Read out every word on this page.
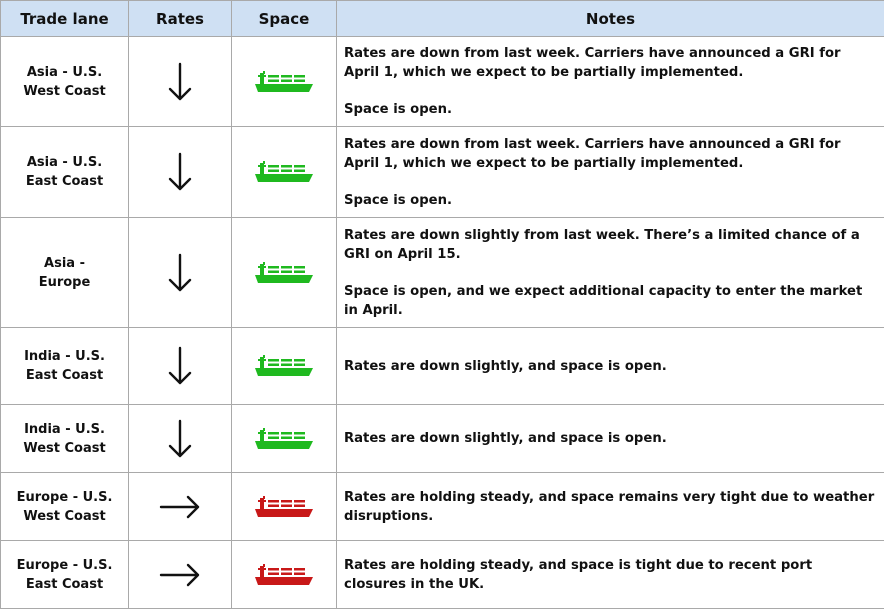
Trade lane	Rates	Space	Notes
Asia - U.S. West Coast			Rates are down from last week. Carriers have announced a GRI for April 1, which we expect to be partially implemented.

Space is open.

Asia - U.S. East Coast			Rates are down from last week. Carriers have announced a GRI for April 1, which we expect to be partially implemented.

Space is open.

Asia - Europe			Rates are down slightly from last week. There’s a limited chance of a GRI on April 15.

Space is open, and we expect additional capacity to enter the market in April.

India - U.S. East Coast			Rates are down slightly, and space is open.

India - U.S. West Coast			Rates are down slightly, and space is open.

Europe - U.S. West Coast			Rates are holding steady, and space remains very tight due to weather disruptions.

Europe - U.S. East Coast			Rates are holding steady, and space is tight due to recent port closures in the UK.
